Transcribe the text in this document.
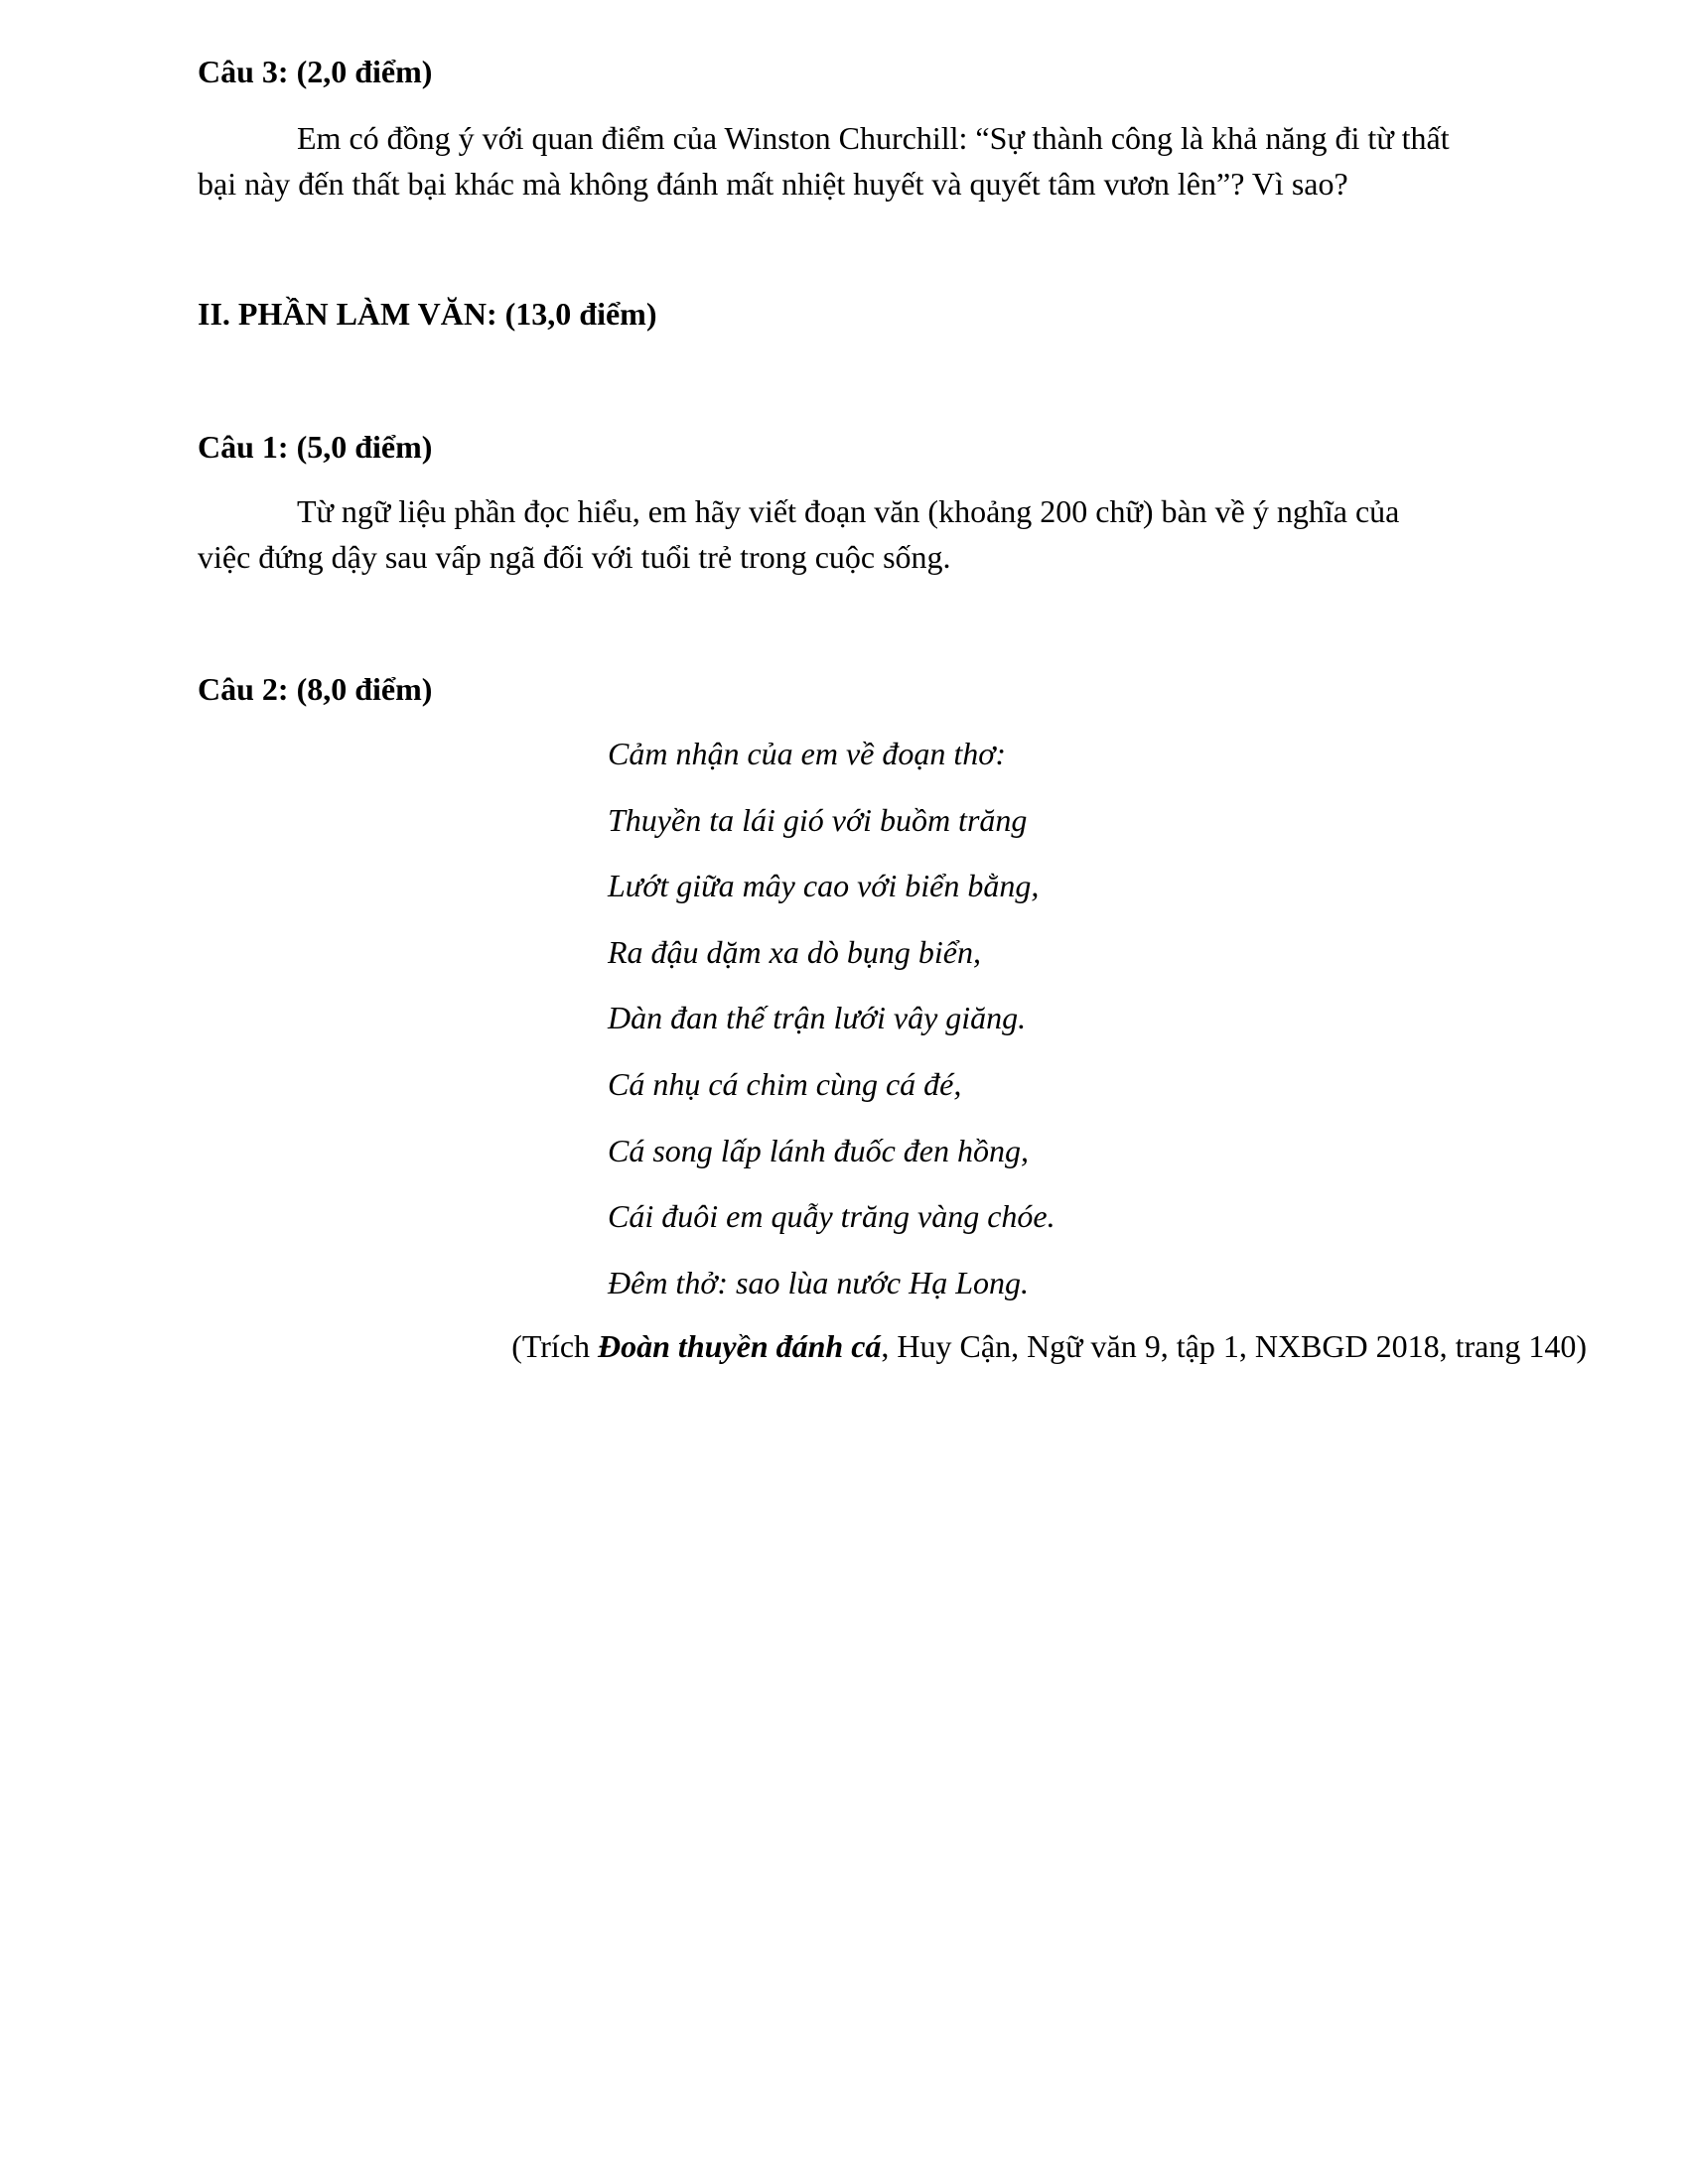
Câu 3: (2,0 điểm)
Em có đồng ý với quan điểm của Winston Churchill: “Sự thành công là khả năng đi từ thất
bại này đến thất bại khác mà không đánh mất nhiệt huyết và quyết tâm vươn lên”? Vì sao?
II. PHẦN LÀM VĂN: (13,0 điểm)
Câu 1: (5,0 điểm)
Từ ngữ liệu phần đọc hiểu, em hãy viết đoạn văn (khoảng 200 chữ) bàn về ý nghĩa của
việc đứng dậy sau vấp ngã đối với tuổi trẻ trong cuộc sống.
Câu 2: (8,0 điểm)
Cảm nhận của em về đoạn thơ:
Thuyền ta lái gió với buồm trăng
Lướt giữa mây cao với biển bằng,
Ra đậu dặm xa dò bụng biển,
Dàn đan thế trận lưới vây giăng.
Cá nhụ cá chim cùng cá đé,
Cá song lấp lánh đuốc đen hồng,
Cái đuôi em quẫy trăng vàng chóe.
Đêm thở: sao lùa nước Hạ Long.
(Trích Đoàn thuyền đánh cá, Huy Cận, Ngữ văn 9, tập 1, NXBGD 2018, trang 140)
